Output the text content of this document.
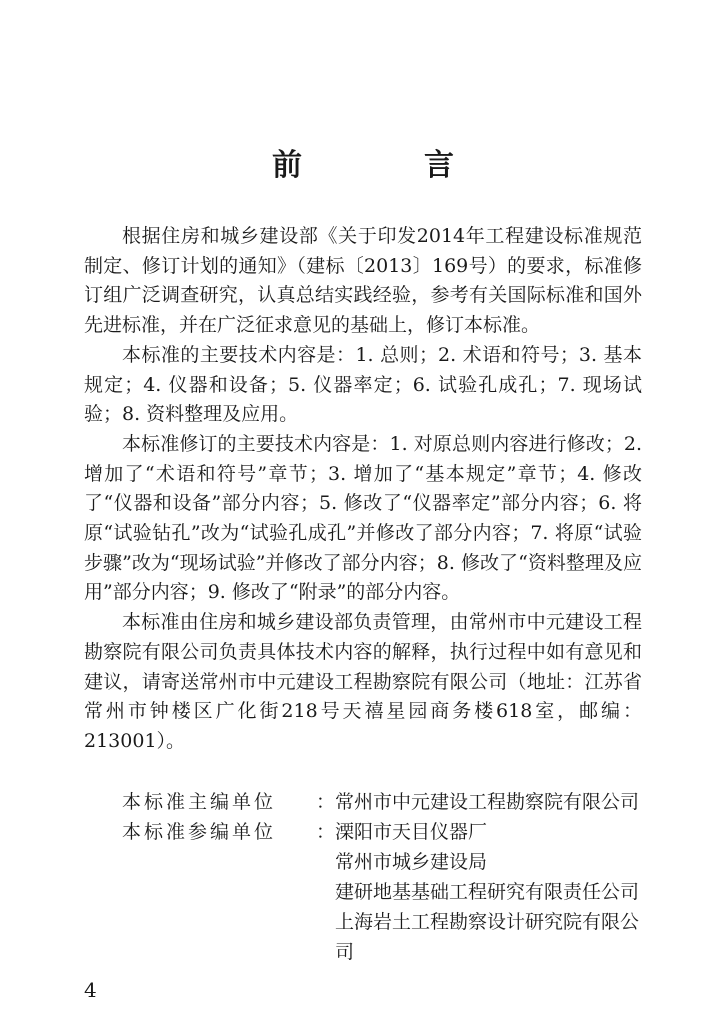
前　言

根据住房和城乡建设部《关于印发2014年工程建设标准规范制定、修订计划的通知》（建标〔2013〕169号）的要求，标准修订组广泛调查研究，认真总结实践经验，参考有关国际标准和国外先进标准，并在广泛征求意见的基础上，修订本标准。

本标准的主要技术内容是：1. 总则；2. 术语和符号；3. 基本规定；4. 仪器和设备；5. 仪器率定；6. 试验孔成孔；7. 现场试验；8. 资料整理及应用。

本标准修订的主要技术内容是：1. 对原总则内容进行修改；2. 增加了“术语和符号”章节；3. 增加了“基本规定”章节；4. 修改了“仪器和设备”部分内容；5. 修改了“仪器率定”部分内容；6. 将原“试验钻孔”改为“试验孔成孔”并修改了部分内容；7. 将原“试验步骤”改为“现场试验”并修改了部分内容；8. 修改了“资料整理及应用”部分内容；9. 修改了“附录”的部分内容。

本标准由住房和城乡建设部负责管理，由常州市中元建设工程勘察院有限公司负责具体技术内容的解释，执行过程中如有意见和建议，请寄送常州市中元建设工程勘察院有限公司（地址：江苏省常州市钟楼区广化街218号天禧星园商务楼618室，邮编：213001）。

本标准主编单位	： 常州市中元建设工程勘察院有限公司
本标准参编单位	： 溧阳市天目仪器厂
常州市城乡建设局
建研地基基础工程研究有限责任公司
上海岩土工程勘察设计研究院有限公司
4
